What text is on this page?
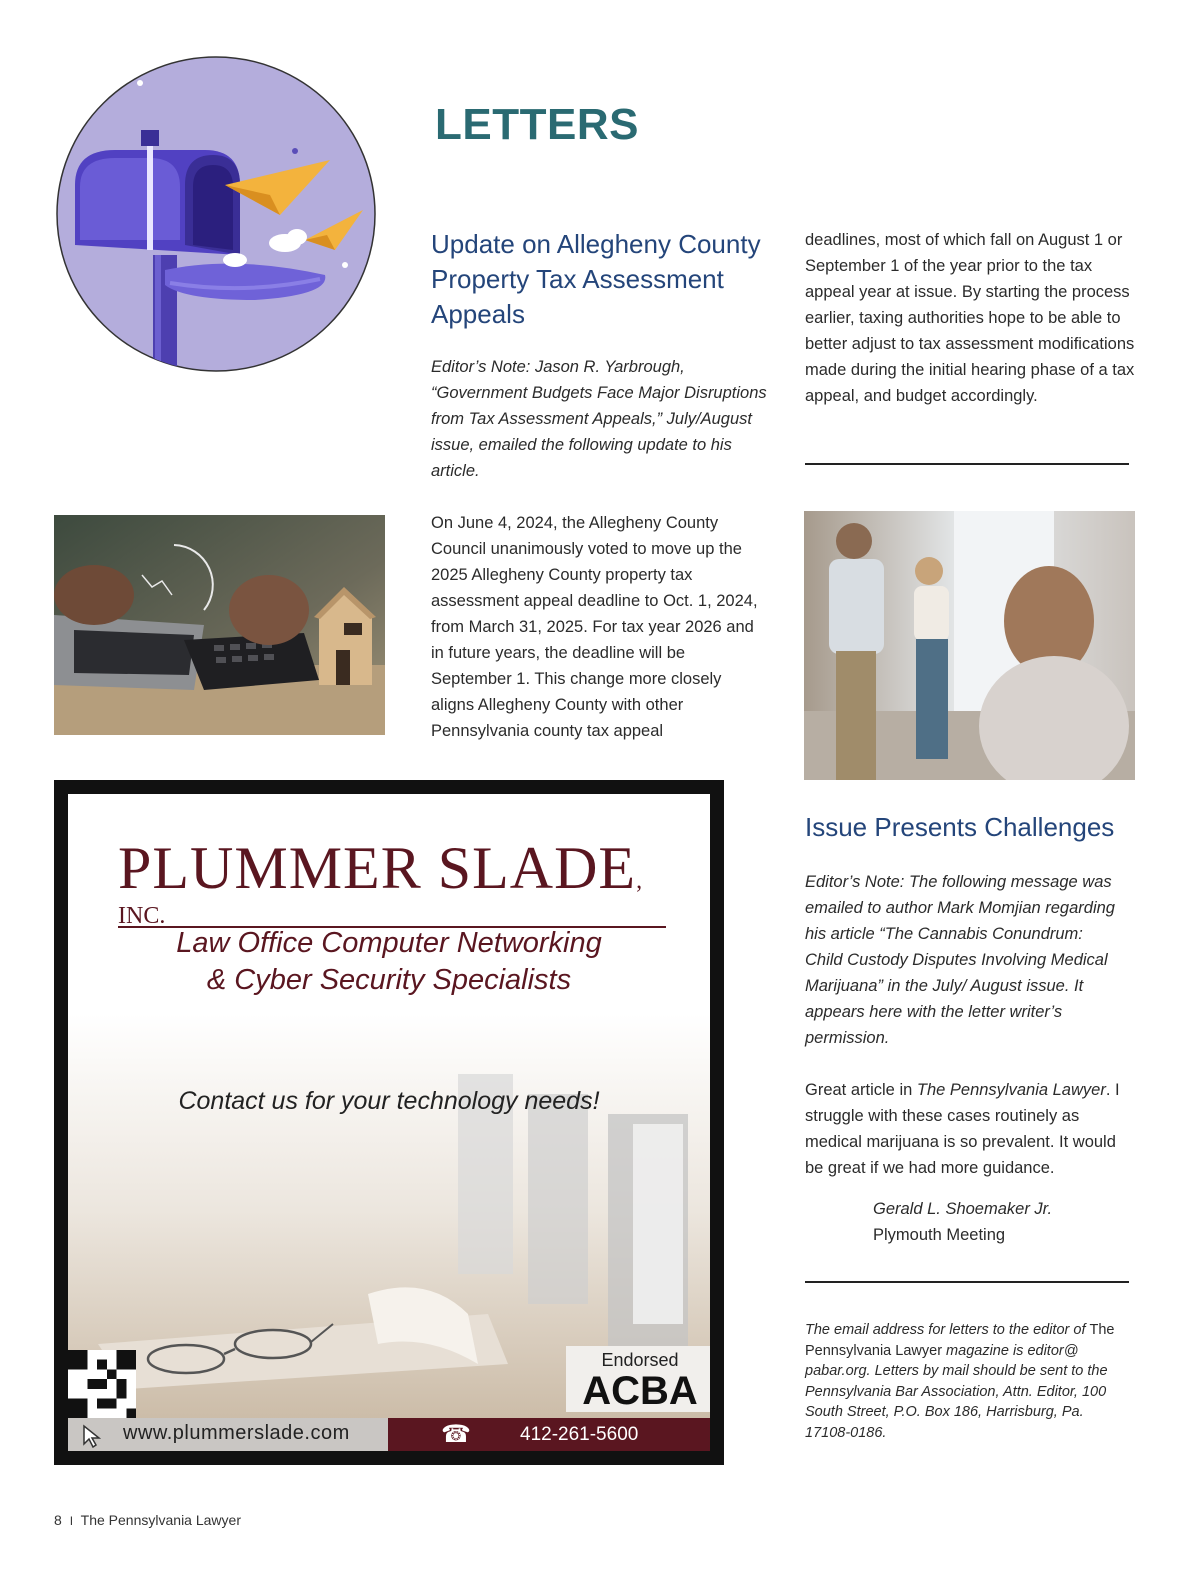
LETTERS
Update on Allegheny County Property Tax Assessment Appeals
Editor’s Note: Jason R. Yarbrough, “Government Budgets Face Major Disruptions from Tax Assessment Appeals,” July/August issue, emailed the following update to his article.
On June 4, 2024, the Allegheny County Council unanimously voted to move up the 2025 Allegheny County property tax assessment appeal deadline to Oct. 1, 2024, from March 31, 2025. For tax year 2026 and in future years, the deadline will be September 1. This change more closely aligns Allegheny County with other Pennsylvania county tax appeal
deadlines, most of which fall on August 1 or September 1 of the year prior to the tax appeal year at issue. By starting the process earlier, taxing authorities hope to be able to better adjust to tax assessment modifications made during the initial hearing phase of a tax appeal, and budget accordingly.
PLUMMER SLADE, INC.
Law Office Computer Networking
& Cyber Security Specialists
Contact us for your technology needs!
Endorsed
ACBA
www.plummerslade.com	☎	412-261-5600
Issue Presents Challenges
Editor’s Note: The following message was emailed to author Mark Momjian regarding his article “The Cannabis Conundrum: Child Custody Disputes Involving Medical Marijuana” in the July/ August issue. It appears here with the letter writer’s permission.
Great article in The Pennsylvania Lawyer. I struggle with these cases routinely as medical marijuana is so prevalent. It would be great if we had more guidance.
Gerald L. Shoemaker Jr.
Plymouth Meeting
The email address for letters to the editor of The Pennsylvania Lawyer magazine is editor@ pabar.org. Letters by mail should be sent to the Pennsylvania Bar Association, Attn. Editor, 100 South Street, P.O. Box 186, Harrisburg, Pa. 17108-0186.
8 I The Pennsylvania Lawyer
